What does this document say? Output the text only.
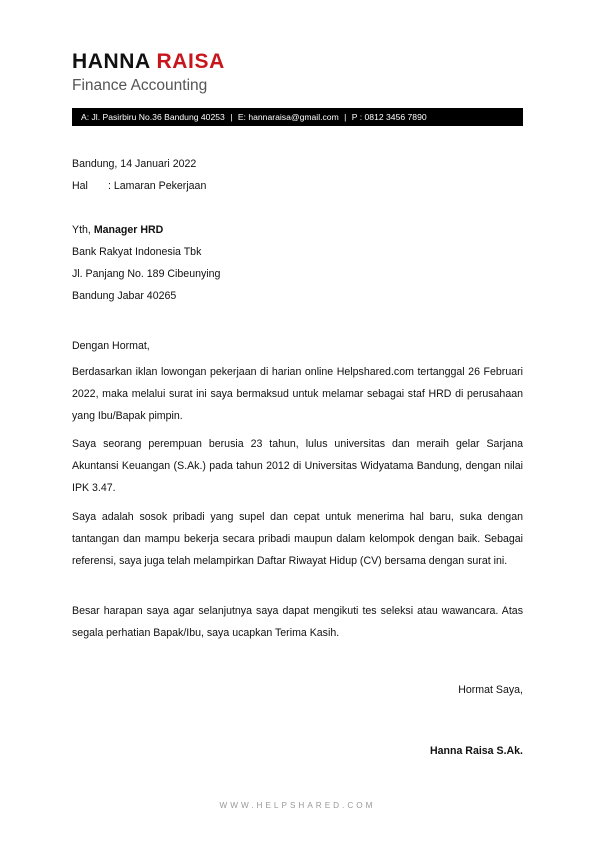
HANNA RAISA

Finance Accounting

A: Jl. Pasirbiru No.36 Bandung 40253 | E: hannaraisa@gmail.com | P : 0812 3456 7890

Bandung, 14 Januari 2022

Hal : Lamaran Pekerjaan

Yth, Manager HRD

Bank Rakyat Indonesia Tbk

Jl. Panjang No. 189 Cibeunying

Bandung Jabar 40265

Dengan Hormat,

Berdasarkan iklan lowongan pekerjaan di harian online Helpshared.com tertanggal 26 Februari 2022, maka melalui surat ini saya bermaksud untuk melamar sebagai staf HRD di perusahaan yang Ibu/Bapak pimpin.

Saya seorang perempuan berusia 23 tahun, lulus universitas dan meraih gelar Sarjana Akuntansi Keuangan (S.Ak.) pada tahun 2012 di Universitas Widyatama Bandung, dengan nilai IPK 3.47.

Saya adalah sosok pribadi yang supel dan cepat untuk menerima hal baru, suka dengan tantangan dan mampu bekerja secara pribadi maupun dalam kelompok dengan baik. Sebagai referensi, saya juga telah melampirkan Daftar Riwayat Hidup (CV) bersama dengan surat ini.

Besar harapan saya agar selanjutnya saya dapat mengikuti tes seleksi atau wawancara. Atas segala perhatian Bapak/Ibu, saya ucapkan Terima Kasih.

Hormat Saya,

Hanna Raisa S.Ak.

WWW.HELPSHARED.COM
